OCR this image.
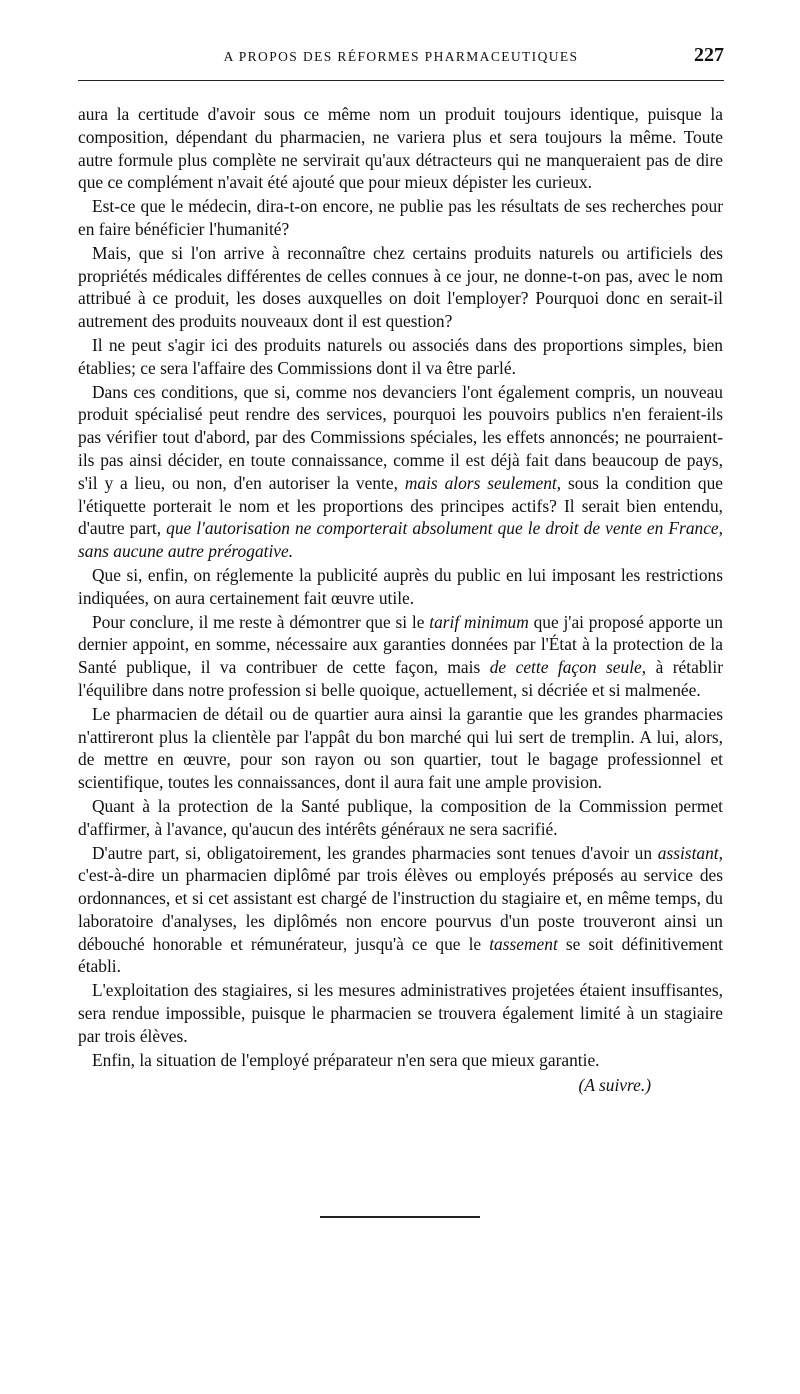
A PROPOS DES RÉFORMES PHARMACEUTIQUES	227

aura la certitude d'avoir sous ce même nom un produit toujours identique, puisque la composition, dépendant du pharmacien, ne variera plus et sera toujours la même. Toute autre formule plus complète ne servirait qu'aux détracteurs qui ne manqueraient pas de dire que ce complément n'avait été ajouté que pour mieux dépister les curieux.

Est-ce que le médecin, dira-t-on encore, ne publie pas les résultats de ses recherches pour en faire bénéficier l'humanité?

Mais, que si l'on arrive à reconnaître chez certains produits naturels ou artificiels des propriétés médicales différentes de celles connues à ce jour, ne donne-t-on pas, avec le nom attribué à ce produit, les doses auxquelles on doit l'employer? Pourquoi donc en serait-il autrement des produits nouveaux dont il est question?

Il ne peut s'agir ici des produits naturels ou associés dans des proportions simples, bien établies; ce sera l'affaire des Commissions dont il va être parlé.

Dans ces conditions, que si, comme nos devanciers l'ont également compris, un nouveau produit spécialisé peut rendre des services, pourquoi les pouvoirs publics n'en feraient-ils pas vérifier tout d'abord, par des Commissions spéciales, les effets annoncés; ne pourraient-ils pas ainsi décider, en toute connaissance, comme il est déjà fait dans beaucoup de pays, s'il y a lieu, ou non, d'en autoriser la vente, mais alors seulement, sous la condition que l'étiquette porterait le nom et les proportions des principes actifs? Il serait bien entendu, d'autre part, que l'autorisation ne comporterait absolument que le droit de vente en France, sans aucune autre prérogative.

Que si, enfin, on réglemente la publicité auprès du public en lui imposant les restrictions indiquées, on aura certainement fait œuvre utile.

Pour conclure, il me reste à démontrer que si le tarif minimum que j'ai proposé apporte un dernier appoint, en somme, nécessaire aux garanties données par l'État à la protection de la Santé publique, il va contribuer de cette façon, mais de cette façon seule, à rétablir l'équilibre dans notre profession si belle quoique, actuellement, si décriée et si malmenée.

Le pharmacien de détail ou de quartier aura ainsi la garantie que les grandes pharmacies n'attireront plus la clientèle par l'appât du bon marché qui lui sert de tremplin. A lui, alors, de mettre en œuvre, pour son rayon ou son quartier, tout le bagage professionnel et scientifique, toutes les connaissances, dont il aura fait une ample provision.

Quant à la protection de la Santé publique, la composition de la Commission permet d'affirmer, à l'avance, qu'aucun des intérêts généraux ne sera sacrifié.

D'autre part, si, obligatoirement, les grandes pharmacies sont tenues d'avoir un assistant, c'est-à-dire un pharmacien diplômé par trois élèves ou employés préposés au service des ordonnances, et si cet assistant est chargé de l'instruction du stagiaire et, en même temps, du laboratoire d'analyses, les diplômés non encore pourvus d'un poste trouveront ainsi un débouché honorable et rémunérateur, jusqu'à ce que le tassement se soit définitivement établi.

L'exploitation des stagiaires, si les mesures administratives projetées étaient insuffisantes, sera rendue impossible, puisque le pharmacien se trouvera également limité à un stagiaire par trois élèves.

Enfin, la situation de l'employé préparateur n'en sera que mieux garantie.

(A suivre.)
